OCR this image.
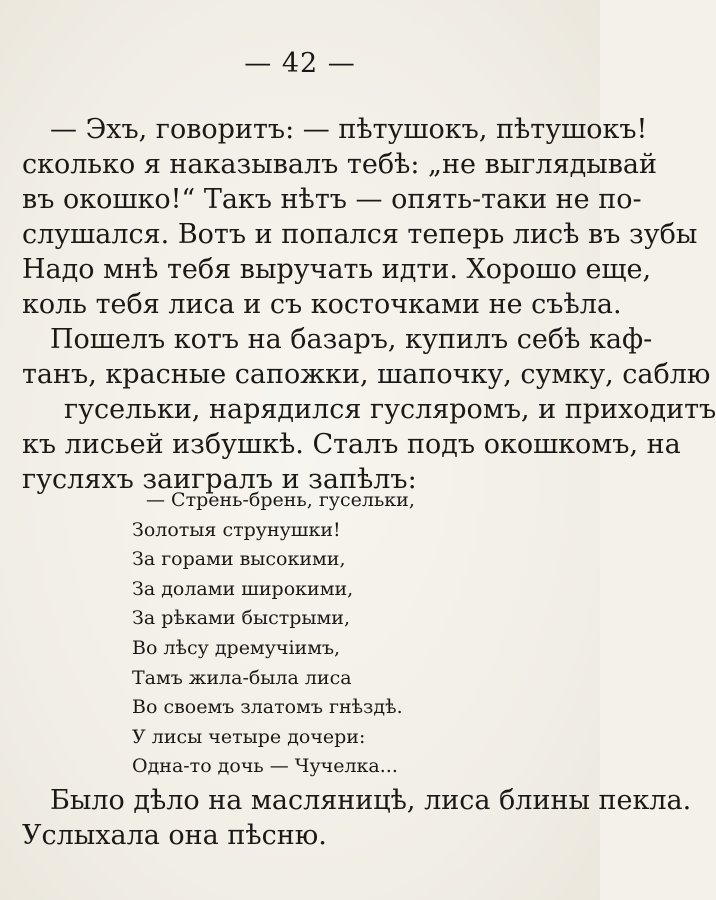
— 42 —
— Эхъ, говоритъ: — пѣтушокъ, пѣтушокъ!
сколько я наказывалъ тебѣ: „не выглядывай
въ окошко!“ Такъ нѣтъ — опять-таки не по-
слушался. Вотъ и попался теперь лисѣ въ зубы
Надо мнѣ тебя выручать идти. Хорошо еще,
коль тебя лиса и съ косточками не съѣла.
Пошелъ котъ на базаръ, купилъ себѣ каф-
танъ, красные сапожки, шапочку, сумку, саблю
гусельки, нарядился гусляромъ, и приходитъ
къ лисьей избушкѣ. Сталъ подъ окошкомъ, на
гусляхъ заигралъ и запѣлъ:
— Стрень-брень, гусельки,
Золотыя струнушки!
За горами высокими,
За долами широкими,
За рѣками быстрыми,
Во лѣсу дремучіимъ,
Тамъ жила-была лиса
Во своемъ златомъ гнѣздѣ.
У лисы четыре дочери:
Одна-то дочь — Чучелка...
Было дѣло на масляницѣ, лиса блины пекла.
Услыхала она пѣсню.
